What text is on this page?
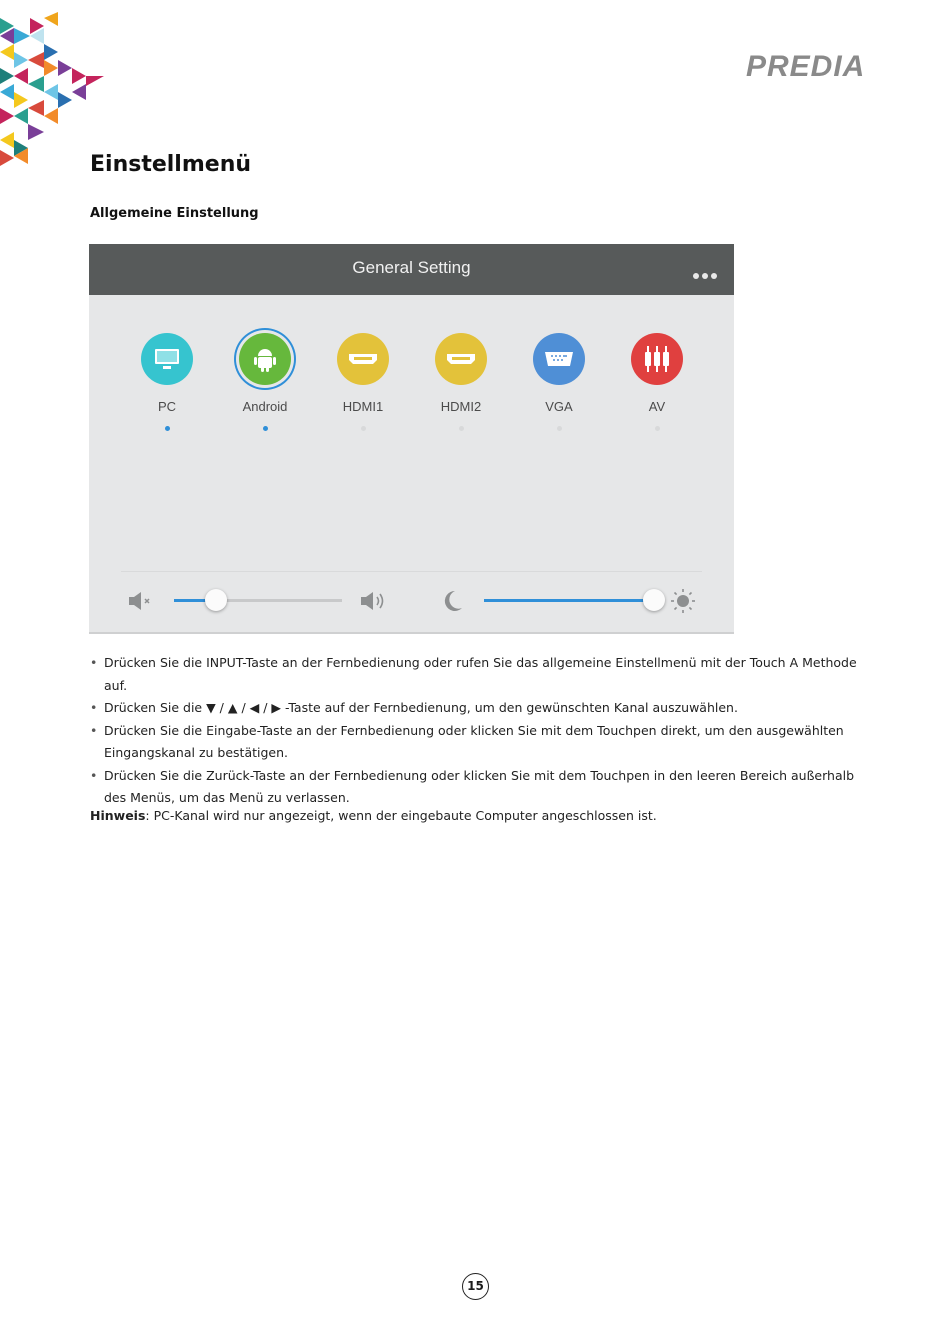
PREDIA
Einstellmenü
Allgemeine Einstellung
General Setting
PC	Android	HDMI1	HDMI2	VGA	AV
• Drücken Sie die INPUT-Taste an der Fernbedienung oder rufen Sie das allgemeine Einstellmenü mit der Touch A Methode auf.
• Drücken Sie die ▼ / ▲ / ◀ / ▶ -Taste auf der Fernbedienung, um den gewünschten Kanal auszuwählen.
• Drücken Sie die Eingabe-Taste an der Fernbedienung oder klicken Sie mit dem Touchpen direkt, um den ausgewählten Eingangskanal zu bestätigen.
• Drücken Sie die Zurück-Taste an der Fernbedienung oder klicken Sie mit dem Touchpen in den leeren Bereich außerhalb des Menüs, um das Menü zu verlassen.
Hinweis: PC-Kanal wird nur angezeigt, wenn der eingebaute Computer angeschlossen ist.
15
